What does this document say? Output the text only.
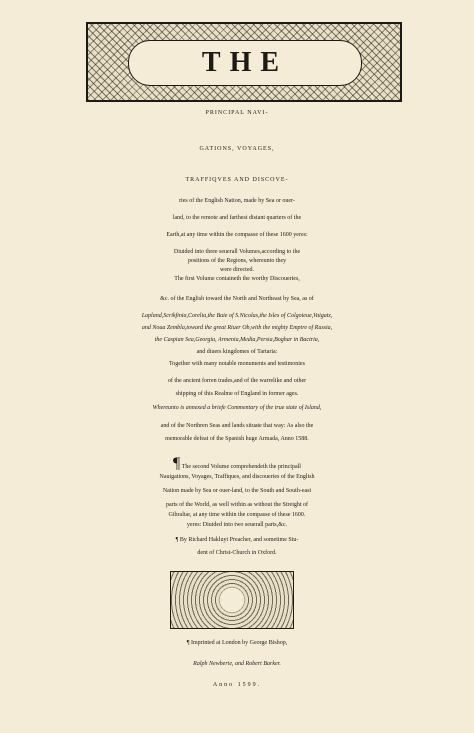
THE
PRINCIPAL NAVI-
GATIONS, VOYAGES,
TRAFFIQVES AND DISCOVE-
ries of the English Nation, made by Sea or ouer-
land, to the remote and farthest distant quarters of the
Earth,at any time within the compasse of these 1600 yeres:
Diuided into three seuerall Volumes,according to the
positions of the Regions, whereunto they
were directed.
The first Volume containeth the worthy Discoueries,
&c. of the English toward the North and Northeast by Sea, as of
Lapland,Scrikfinia,Corelia,the Baie of S.Nicolas,the Isles of Colgoieue,Vaigatz,
and Noua Zembla,toward the great Riuer Ob,with the mighty Empire of Russia,
the Caspian Sea,Georgia, Armenia,Media,Persia,Boghar in Bactria,
and diuers kingdomes of Tartaria:
Together with many notable monuments and testimonies
of the ancient forren trades,and of the warrelike and other
shipping of this Realme of England in former ages.
Whereunto is annexed a briefe Commentary of the true state of Island,
and of the Northren Seas and lands situate that way: As also the
memorable defeat of the Spanish huge Armada, Anno 1588.
¶ The second Volume comprehendeth the principall
Nauigations, Voyages, Traffiques, and discoueries of the English
Nation made by Sea or ouer-land, to the South and South-east
parts of the World, as well within as without the Streight of
Gibraltar, at any time within the compasse of these 1600.
yeres: Diuided into two seuerall parts,&c.
¶ By Richard Hakluyt Preacher, and sometime Stu-
dent of Christ-Church in Oxford.
¶ Imprinted at London by George Bishop,
Ralph Newberie, and Robert Barker.
Anno 1599.
